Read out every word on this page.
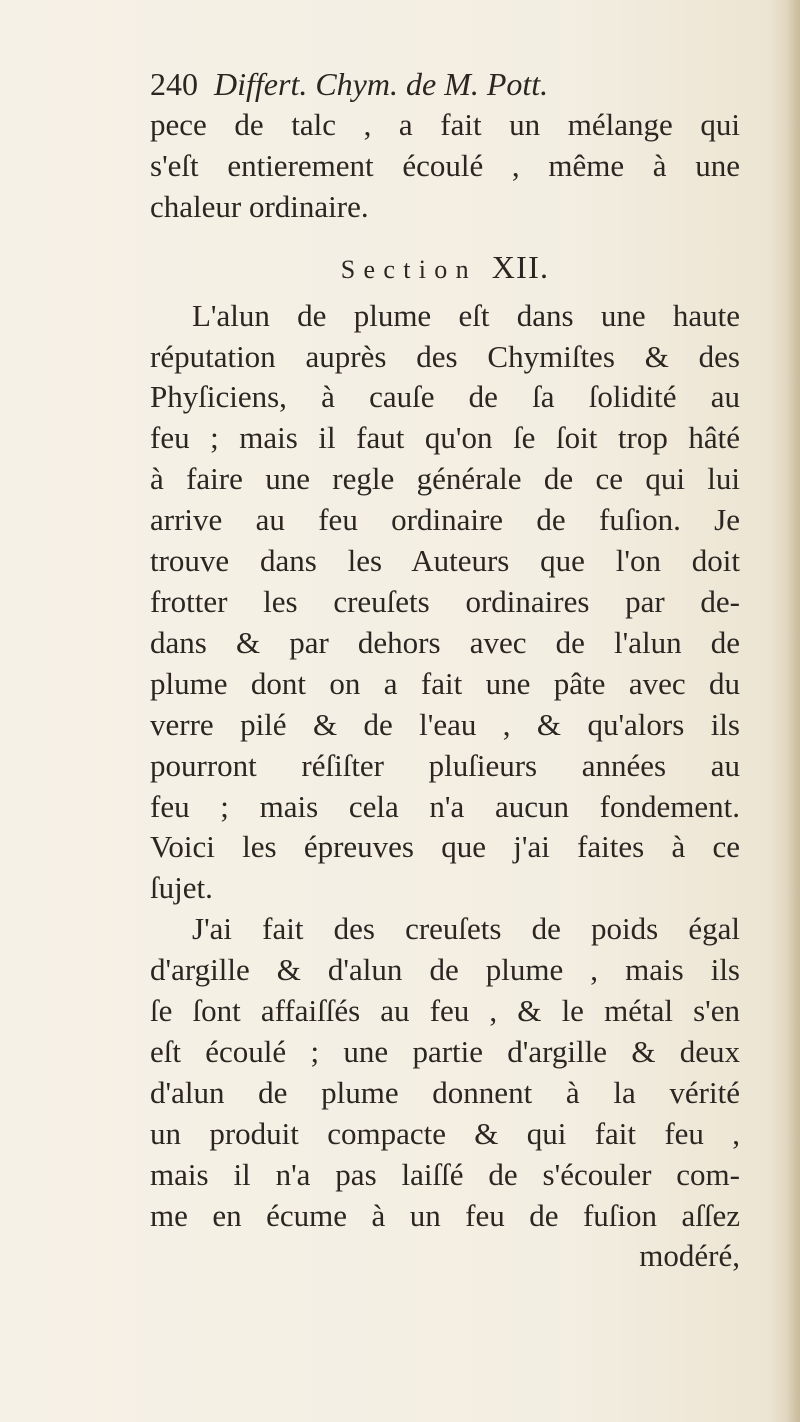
240 Differt. Chym. de M. Pott.
pece de talc , a fait un mélange qui
s'eſt entierement écoulé , même à une
chaleur ordinaire.
Section XII.
L'alun de plume eſt dans une haute
réputation auprès des Chymiſtes & des
Phyſiciens, à cauſe de ſa ſolidité au
feu ; mais il faut qu'on ſe ſoit trop hâté
à faire une regle générale de ce qui lui
arrive au feu ordinaire de fuſion. Je
trouve dans les Auteurs que l'on doit
frotter les creuſets ordinaires par de-
dans & par dehors avec de l'alun de
plume dont on a fait une pâte avec du
verre pilé & de l'eau , & qu'alors ils
pourront réſiſter pluſieurs années au
feu ; mais cela n'a aucun fondement.
Voici les épreuves que j'ai faites à ce
ſujet.
J'ai fait des creuſets de poids égal
d'argille & d'alun de plume , mais ils
ſe ſont affaiſſés au feu , & le métal s'en
eſt écoulé ; une partie d'argille & deux
d'alun de plume donnent à la vérité
un produit compacte & qui fait feu ,
mais il n'a pas laiſſé de s'écouler com-
me en écume à un feu de fuſion aſſez
modéré,
